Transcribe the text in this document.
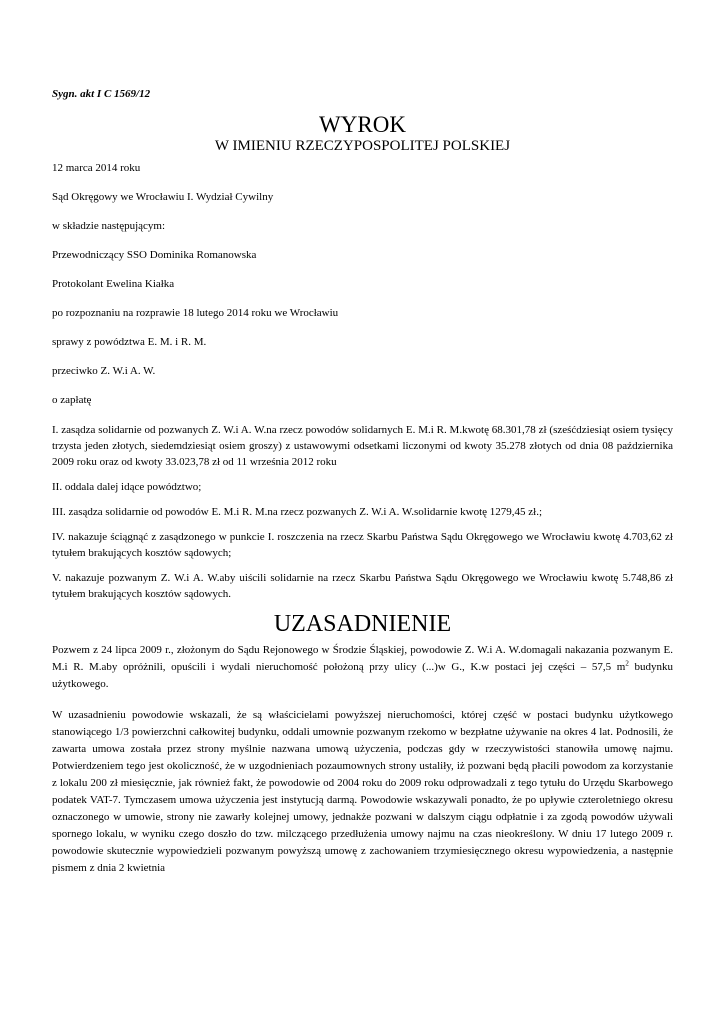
Sygn. akt I C 1569/12

WYROK

W IMIENIU RZECZYPOSPOLITEJ POLSKIEJ

12 marca 2014 roku

Sąd Okręgowy we Wrocławiu I. Wydział Cywilny

w składzie następującym:

Przewodniczący SSO Dominika Romanowska

Protokolant Ewelina Kiałka

po rozpoznaniu na rozprawie 18 lutego 2014 roku we Wrocławiu

sprawy z powództwa E. M. i R. M.

przeciwko Z. W.i A. W.

o zapłatę

I. zasądza solidarnie od pozwanych Z. W.i A. W.na rzecz powodów solidarnych E. M.i R. M.kwotę 68.301,78 zł (sześćdziesiąt osiem tysięcy trzysta jeden złotych, siedemdziesiąt osiem groszy) z ustawowymi odsetkami liczonymi od kwoty 35.278 złotych od dnia 08 października 2009 roku oraz od kwoty 33.023,78 zł od 11 września 2012 roku

II. oddala dalej idące powództwo;

III. zasądza solidarnie od powodów E. M.i R. M.na rzecz pozwanych Z. W.i A. W.solidarnie kwotę 1279,45 zł.;

IV. nakazuje ściągnąć z zasądzonego w punkcie I. roszczenia na rzecz Skarbu Państwa Sądu Okręgowego we Wrocławiu kwotę 4.703,62 zł tytułem brakujących kosztów sądowych;

V. nakazuje pozwanym Z. W.i A. W.aby uiścili solidarnie na rzecz Skarbu Państwa Sądu Okręgowego we Wrocławiu kwotę 5.748,86 zł tytułem brakujących kosztów sądowych.

UZASADNIENIE

Pozwem z 24 lipca 2009 r., złożonym do Sądu Rejonowego w Środzie Śląskiej, powodowie Z. W.i A. W.domagali nakazania pozwanym E. M.i R. M.aby opróżnili, opuścili i wydali nieruchomość położoną przy ulicy (...)w G., K.w postaci jej części – 57,5 $m^2$ budynku użytkowego.

W uzasadnieniu powodowie wskazali, że są właścicielami powyższej nieruchomości, której część w postaci budynku użytkowego stanowiącego 1/3 powierzchni całkowitej budynku, oddali umownie pozwanym rzekomo w bezpłatne używanie na okres 4 lat. Podnosili, że zawarta umowa została przez strony myślnie nazwana umową użyczenia, podczas gdy w rzeczywistości stanowiła umowę najmu. Potwierdzeniem tego jest okoliczność, że w uzgodnieniach pozaumownych strony ustaliły, iż pozwani będą płacili powodom za korzystanie z lokalu 200 zł miesięcznie, jak również fakt, że powodowie od 2004 roku do 2009 roku odprowadzali z tego tytułu do Urzędu Skarbowego podatek VAT-7. Tymczasem umowa użyczenia jest instytucją darmą. Powodowie wskazywali ponadto, że po upływie czteroletniego okresu oznaczonego w umowie, strony nie zawarły kolejnej umowy, jednakże pozwani w dalszym ciągu odpłatnie i za zgodą powodów używali spornego lokalu, w wyniku czego doszło do tzw. milczącego przedłużenia umowy najmu na czas nieokreślony. W dniu 17 lutego 2009 r. powodowie skutecznie wypowiedzieli pozwanym powyższą umowę z zachowaniem trzymiesięcznego okresu wypowiedzenia, a następnie pismem z dnia 2 kwietnia
